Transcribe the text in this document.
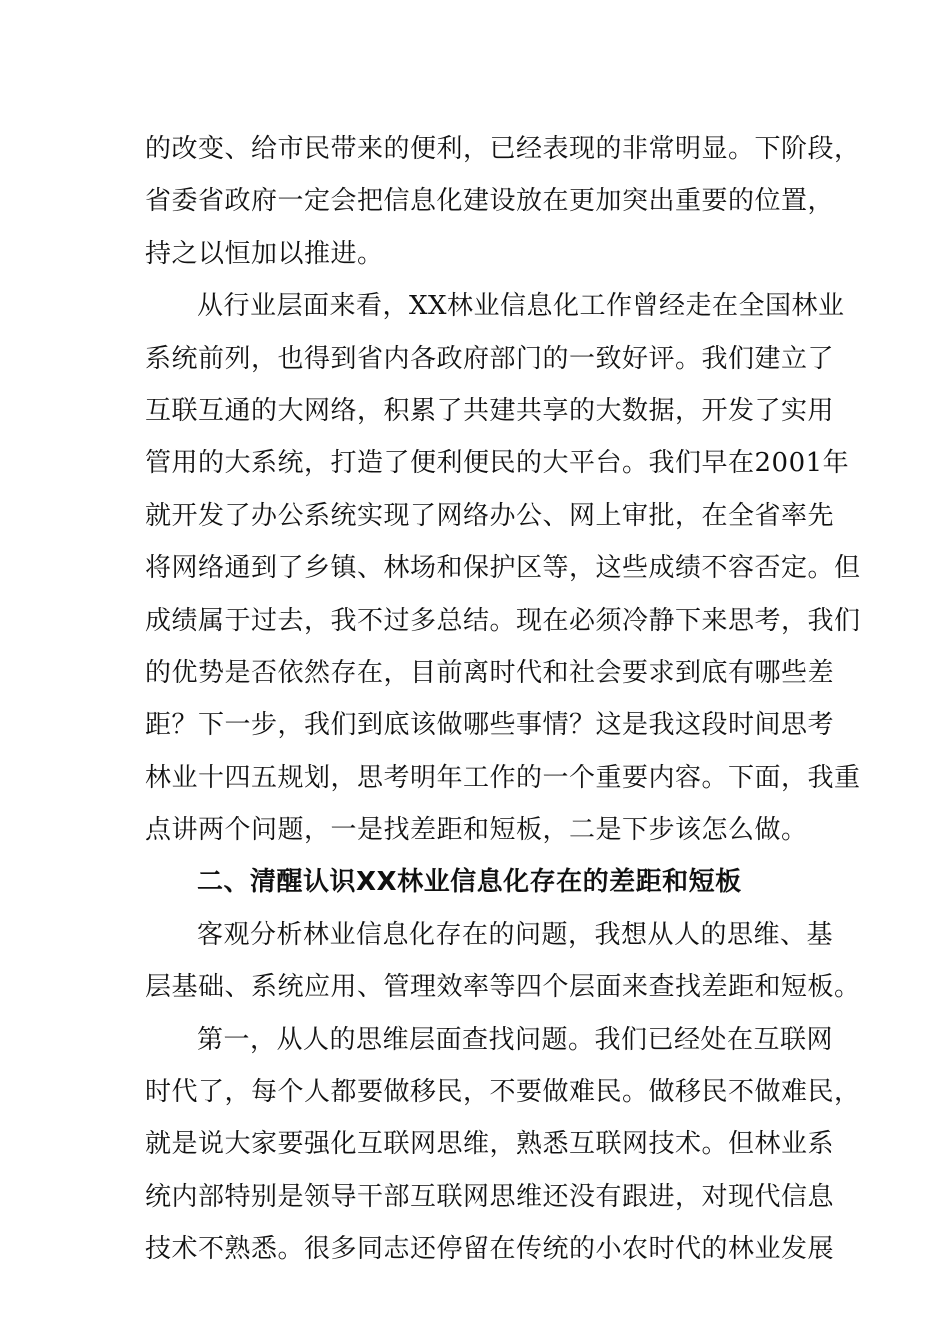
的改变、给市民带来的便利，已经表现的非常明显。下阶段，
省委省政府一定会把信息化建设放在更加突出重要的位置，
持之以恒加以推进。
从行业层面来看，XX林业信息化工作曾经走在全国林业
系统前列，也得到省内各政府部门的一致好评。我们建立了
互联互通的大网络，积累了共建共享的大数据，开发了实用
管用的大系统，打造了便利便民的大平台。我们早在2001年
就开发了办公系统实现了网络办公、网上审批，在全省率先
将网络通到了乡镇、林场和保护区等，这些成绩不容否定。但
成绩属于过去，我不过多总结。现在必须冷静下来思考，我们
的优势是否依然存在，目前离时代和社会要求到底有哪些差
距？下一步，我们到底该做哪些事情？这是我这段时间思考
林业十四五规划，思考明年工作的一个重要内容。下面，我重
点讲两个问题，一是找差距和短板，二是下步该怎么做。
二、清醒认识XX林业信息化存在的差距和短板
客观分析林业信息化存在的问题，我想从人的思维、基
层基础、系统应用、管理效率等四个层面来查找差距和短板。
第一，从人的思维层面查找问题。我们已经处在互联网
时代了，每个人都要做移民，不要做难民。做移民不做难民，
就是说大家要强化互联网思维，熟悉互联网技术。但林业系
统内部特别是领导干部互联网思维还没有跟进，对现代信息
技术不熟悉。很多同志还停留在传统的小农时代的林业发展
